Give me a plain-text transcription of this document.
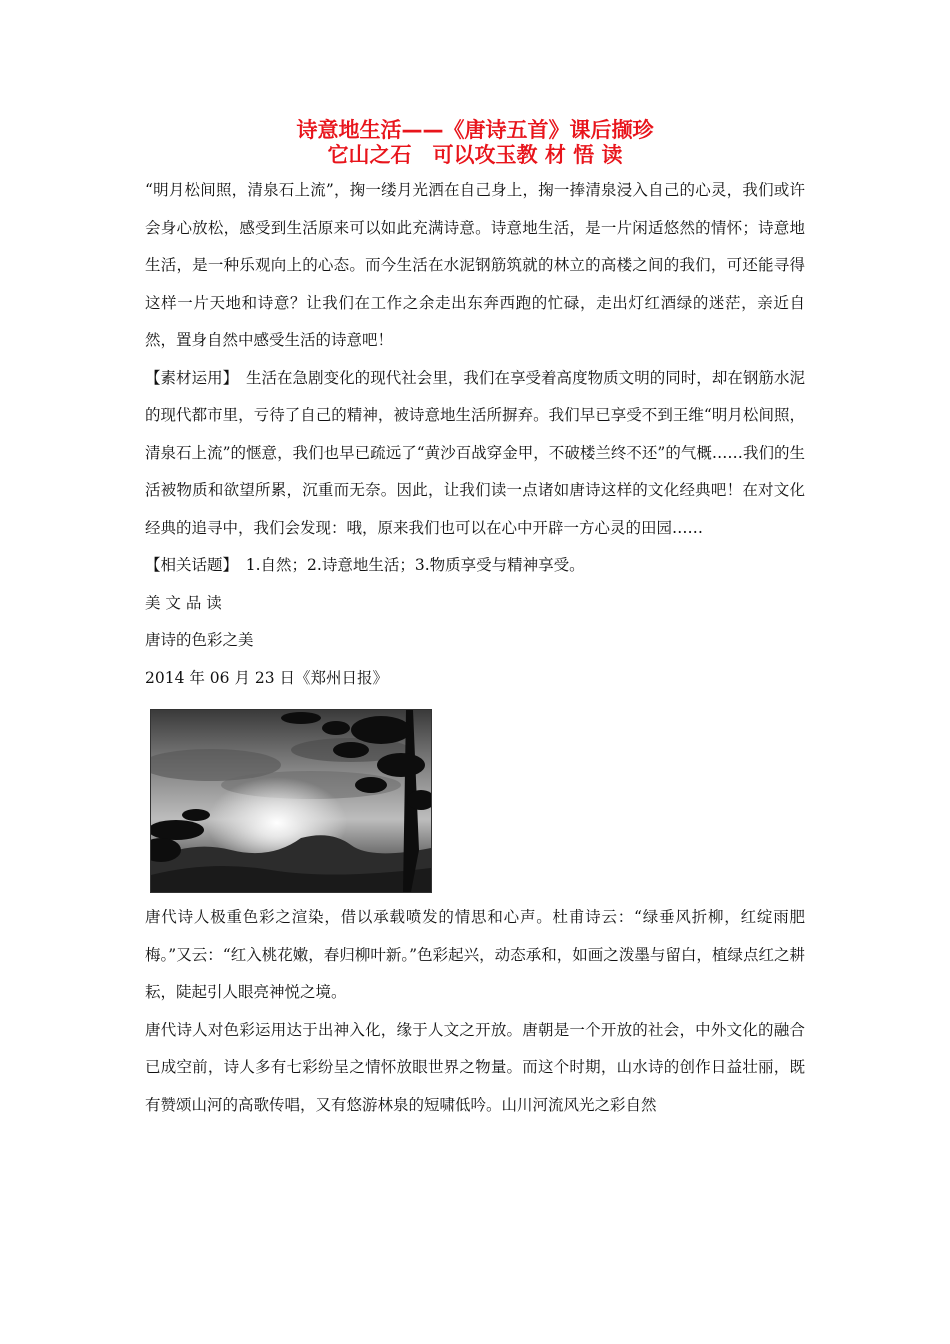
诗意地生活——《唐诗五首》课后撷珍
它山之石　可以攻玉教 材 悟 读

“明月松间照，清泉石上流”，掬一缕月光洒在自己身上，掬一捧清泉浸入自己的心灵，我们或许会身心放松，感受到生活原来可以如此充满诗意。诗意地生活，是一片闲适悠然的情怀；诗意地生活，是一种乐观向上的心态。而今生活在水泥钢筋筑就的林立的高楼之间的我们，可还能寻得这样一片天地和诗意？让我们在工作之余走出东奔西跑的忙碌，走出灯红酒绿的迷茫，亲近自然，置身自然中感受生活的诗意吧！

【素材运用】　生活在急剧变化的现代社会里，我们在享受着高度物质文明的同时，却在钢筋水泥的现代都市里，亏待了自己的精神，被诗意地生活所摒弃。我们早已享受不到王维“明月松间照，清泉石上流”的惬意，我们也早已疏远了“黄沙百战穿金甲，不破楼兰终不还”的气概……我们的生活被物质和欲望所累，沉重而无奈。因此，让我们读一点诸如唐诗这样的文化经典吧！在对文化经典的追寻中，我们会发现：哦，原来我们也可以在心中开辟一方心灵的田园……

【相关话题】　1.自然；2.诗意地生活；3.物质享受与精神享受。

美 文 品 读

唐诗的色彩之美

2014 年 06 月 23 日《郑州日报》

唐代诗人极重色彩之渲染，借以承载喷发的情思和心声。杜甫诗云：“绿垂风折柳，红绽雨肥梅。”又云：“红入桃花嫩，春归柳叶新。”色彩起兴，动态承和，如画之泼墨与留白，植绿点红之耕耘，陡起引人眼亮神悦之境。

唐代诗人对色彩运用达于出神入化，缘于人文之开放。唐朝是一个开放的社会，中外文化的融合已成空前，诗人多有七彩纷呈之情怀放眼世界之物量。而这个时期，山水诗的创作日益壮丽，既有赞颂山河的高歌传唱，又有悠游林泉的短啸低吟。山川河流风光之彩自然
